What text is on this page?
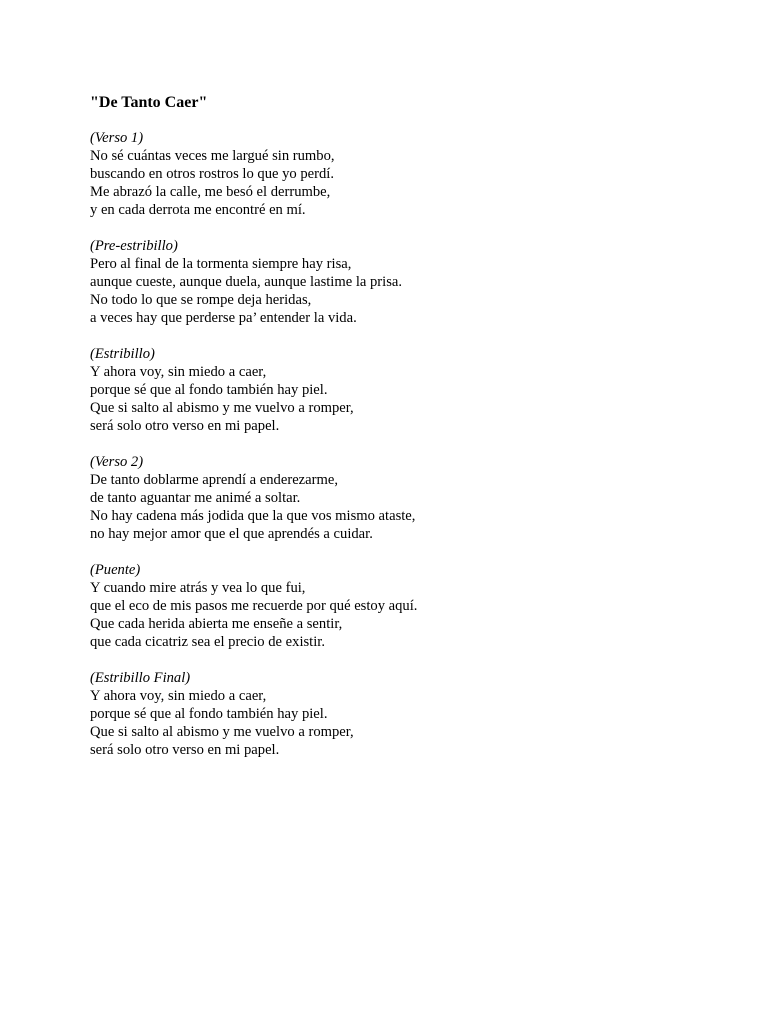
"De Tanto Caer"
(Verso 1)
No sé cuántas veces me largué sin rumbo,
buscando en otros rostros lo que yo perdí.
Me abrazó la calle, me besó el derrumbe,
y en cada derrota me encontré en mí.
(Pre-estribillo)
Pero al final de la tormenta siempre hay risa,
aunque cueste, aunque duela, aunque lastime la prisa.
No todo lo que se rompe deja heridas,
a veces hay que perderse pa’ entender la vida.
(Estribillo)
Y ahora voy, sin miedo a caer,
porque sé que al fondo también hay piel.
Que si salto al abismo y me vuelvo a romper,
será solo otro verso en mi papel.
(Verso 2)
De tanto doblarme aprendí a enderezarme,
de tanto aguantar me animé a soltar.
No hay cadena más jodida que la que vos mismo ataste,
no hay mejor amor que el que aprendés a cuidar.
(Puente)
Y cuando mire atrás y vea lo que fui,
que el eco de mis pasos me recuerde por qué estoy aquí.
Que cada herida abierta me enseñe a sentir,
que cada cicatriz sea el precio de existir.
(Estribillo Final)
Y ahora voy, sin miedo a caer,
porque sé que al fondo también hay piel.
Que si salto al abismo y me vuelvo a romper,
será solo otro verso en mi papel.
